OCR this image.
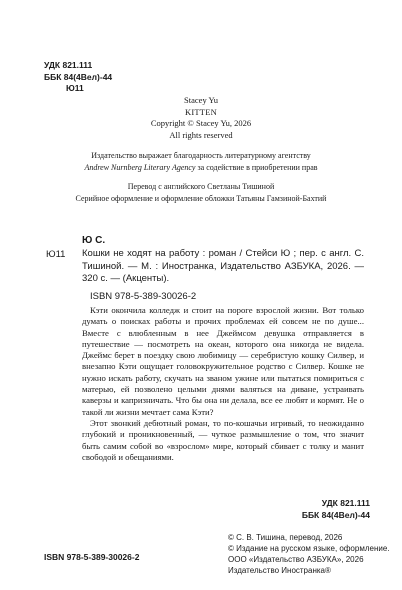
УДК 821.111
ББК 84(4Вел)-44
Ю11
Stacey Yu
KITTEN
Copyright © Stacey Yu, 2026
All rights reserved
Издательство выражает благодарность литературному агентству
Andrew Nurnberg Literary Agency за содействие в приобретении прав
Перевод с английского Светланы Тишиной
Серийное оформление и оформление обложки Татьяны Гамзиной-Бахтий
Ю11
Ю С.
Кошки не ходят на работу : роман / Стейси Ю ; пер. с англ. С. Тишиной. — М. : Иностранка, Издательство АЗБУКА, 2026. — 320 с. — (Акценты).
ISBN 978-5-389-30026-2

Кэти окончила колледж и стоит на пороге взрослой жизни. Вот только думать о поисках работы и прочих проблемах ей совсем не по душе... Вместе с влюбленным в нее Джеймсом девушка отправляется в путешествие — посмотреть на океан, которого она никогда не видела. Джеймс берет в поездку свою любимицу — серебристую кошку Силвер, и внезапно Кэти ощущает головокружительное родство с Силвер. Кошке не нужно искать работу, скучать на званом ужине или пытаться помириться с матерью, ей позволено целыми днями валяться на диване, устраивать каверзы и капризничать. Что бы она ни делала, все ее любят и кормят. Не о такой ли жизни мечтает сама Кэти?

Этот звонкий дебютный роман, то по-кошачьи игривый, то неожиданно глубокий и проникновенный, — чуткое размышление о том, что значит быть самим собой во «взрослом» мире, который сбивает с толку и манит свободой и обещаниями.

УДК 821.111
ББК 84(4Вел)-44
ISBN 978-5-389-30026-2
© С. В. Тишина, перевод, 2026
© Издание на русском языке, оформление.
ООО «Издательство АЗБУКА», 2026
Издательство Иностранка®
